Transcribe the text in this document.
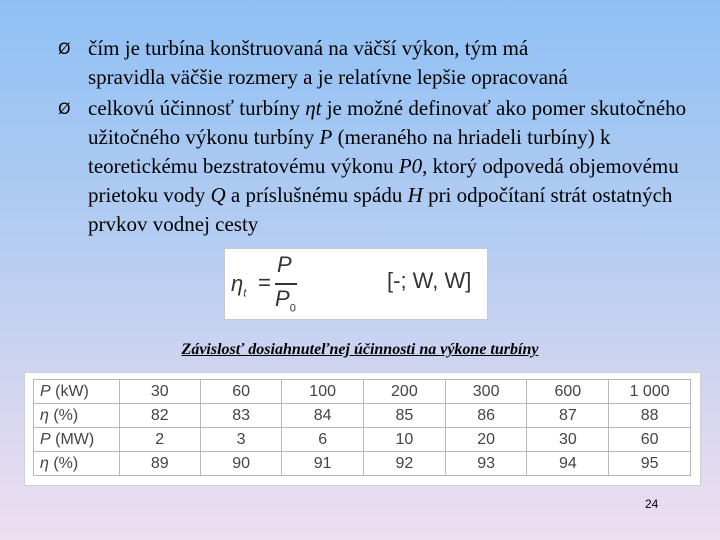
Ø čím je turbína konštruovaná na väčší výkon, tým má
spravidla väčšie rozmery a je relatívne lepšie opracovaná
Ø celkovú účinnosť turbíny ηt je možné definovať ako pomer skutočného užitočného výkonu turbíny P (meraného na hriadeli turbíny) k teoretickému bezstratovému výkonu P0, ktorý odpovedá objemovému prietoku vody Q a príslušnému spádu H pri odpočítaní strát ostatných prvkov vodnej cesty
$\eta_t$ =
P
$P_0$
[-; W, W]
Závislosť dosiahnuteľnej účinnosti na výkone turbíny
P (kW)	30	60	100	200	300	600	1 000
η (%)	82	83	84	85	86	87	88
P (MW)	2	3	6	10	20	30	60
η (%)	89	90	91	92	93	94	95
24
